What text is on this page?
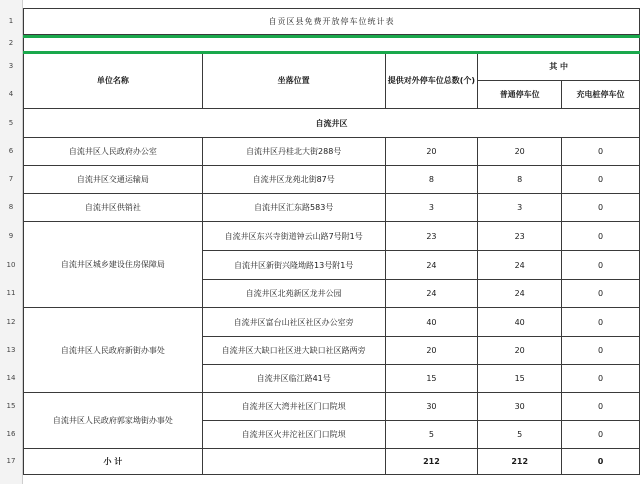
1
2
3
4
5
6
7
8
9
10
11
12
13
14
15
16
17
自贡区县免费开放停车位统计表				

单位名称	坐落位置	提供对外停车位总数(个)	其 中	
			普通停车位	充电桩停车位
自流井区				
自流井区人民政府办公室	自流井区丹桂北大街288号	20	20	0
自流井区交通运输局	自流井区龙苑北街87号	8	8	0
自流井区供销社	自流井区汇东路583号	3	3	0
自流井区城乡建设住房保障局	自流井区东兴寺街道钟云山路7号附1号	23	23	0
	自流井区新街兴隆坳路13号附1号	24	24	0
	自流井区北苑新区龙井公园	24	24	0
自流井区人民政府新街办事处	自流井区富台山社区社区办公室旁	40	40	0
	自流井区大缺口社区进大缺口社区路两旁	20	20	0
	自流井区临江路41号	15	15	0
自流井区人民政府郭家坳街办事处	自流井区大湾井社区门口院坝	30	30	0
	自流井区火井沱社区门口院坝	5	5	0
小 计		212	212	0
